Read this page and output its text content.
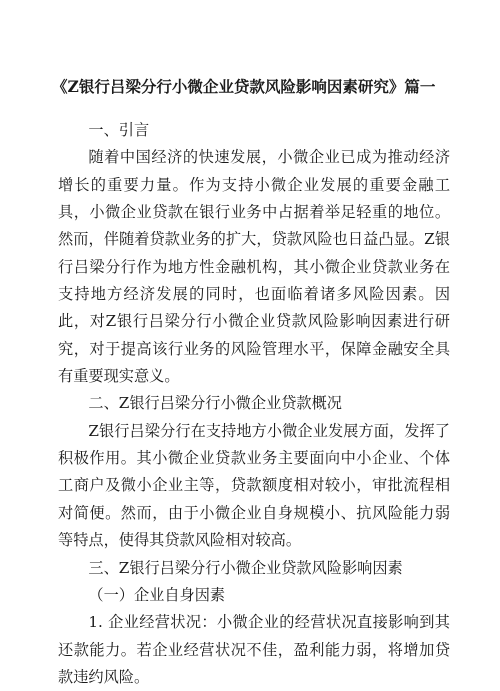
《Z银行吕梁分行小微企业贷款风险影响因素研究》篇一

一、引言

随着中国经济的快速发展，小微企业已成为推动经济增长的重要力量。作为支持小微企业发展的重要金融工具，小微企业贷款在银行业务中占据着举足轻重的地位。然而，伴随着贷款业务的扩大，贷款风险也日益凸显。Z银行吕梁分行作为地方性金融机构，其小微企业贷款业务在支持地方经济发展的同时，也面临着诸多风险因素。因此，对Z银行吕梁分行小微企业贷款风险影响因素进行研究，对于提高该行业务的风险管理水平，保障金融安全具有重要现实意义。

二、Z银行吕梁分行小微企业贷款概况

Z银行吕梁分行在支持地方小微企业发展方面，发挥了积极作用。其小微企业贷款业务主要面向中小企业、个体工商户及微小企业主等，贷款额度相对较小，审批流程相对简便。然而，由于小微企业自身规模小、抗风险能力弱等特点，使得其贷款风险相对较高。

三、Z银行吕梁分行小微企业贷款风险影响因素

（一）企业自身因素

1. 企业经营状况：小微企业的经营状况直接影响到其还款能力。若企业经营状况不佳，盈利能力弱，将增加贷款违约风险。
